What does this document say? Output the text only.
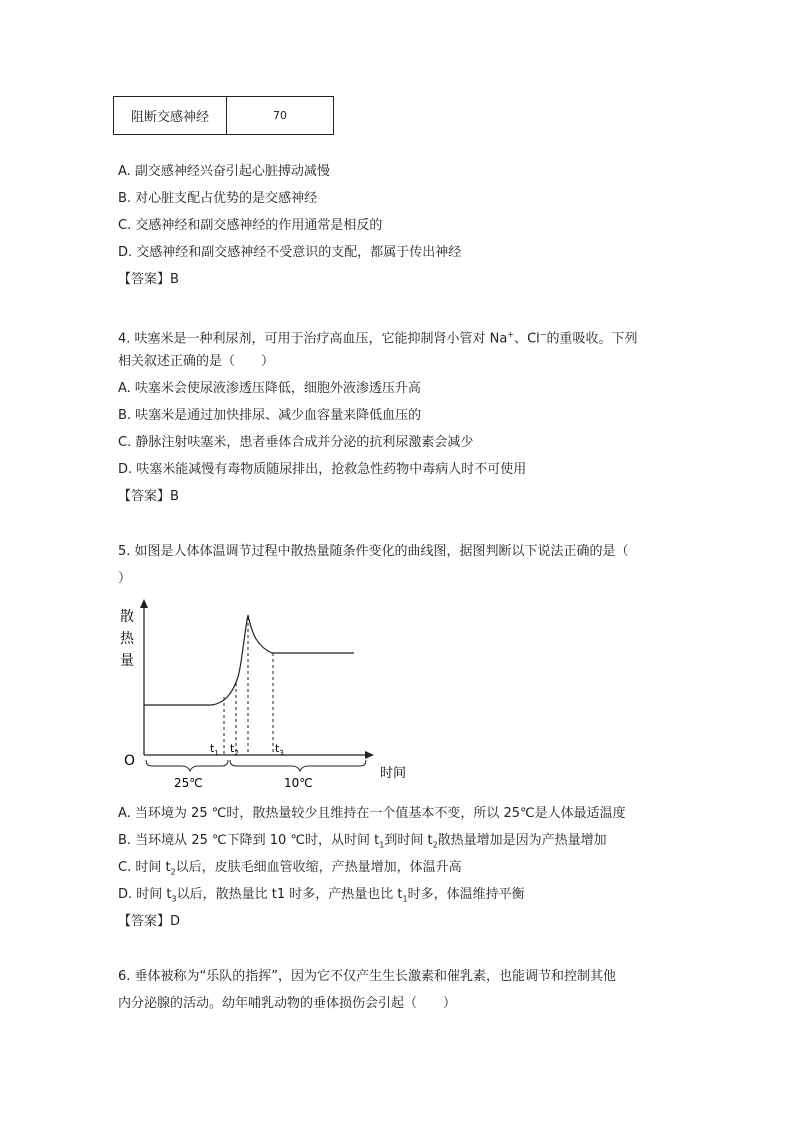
阻断交感神经	70
A. 副交感神经兴奋引起心脏搏动减慢
B. 对心脏支配占优势的是交感神经
C. 交感神经和副交感神经的作用通常是相反的
D. 交感神经和副交感神经不受意识的支配，都属于传出神经
【答案】B
4. 呋塞米是一种利尿剂，可用于治疗高血压，它能抑制肾小管对 Na+、Cl−的重吸收。下列
相关叙述正确的是（　　）
A. 呋塞米会使尿液渗透压降低，细胞外液渗透压升高
B. 呋塞米是通过加快排尿、减少血容量来降低血压的
C. 静脉注射呋塞米，患者垂体合成并分泌的抗利尿激素会减少
D. 呋塞米能减慢有毒物质随尿排出，抢救急性药物中毒病人时不可使用
【答案】B
5. 如图是人体体温调节过程中散热量随条件变化的曲线图，据图判断以下说法正确的是（
）
散
热
量
O
$t_1$ $t_2$	$t_3$
25℃	10℃
时间
A. 当环境为 25 ℃时，散热量较少且维持在一个值基本不变，所以 25℃是人体最适温度
B. 当环境从 25 ℃下降到 10 ℃时，从时间 $t_1$到时间 $t_2$散热量增加是因为产热量增加
C. 时间 $t_2$以后，皮肤毛细血管收缩，产热量增加，体温升高
D. 时间 $t_3$以后，散热量比 t1 时多，产热量也比 $t_1$时多，体温维持平衡
【答案】D
6. 垂体被称为“乐队的指挥”，因为它不仅产生生长激素和催乳素，也能调节和控制其他
内分泌腺的活动。幼年哺乳动物的垂体损伤会引起（　　）
